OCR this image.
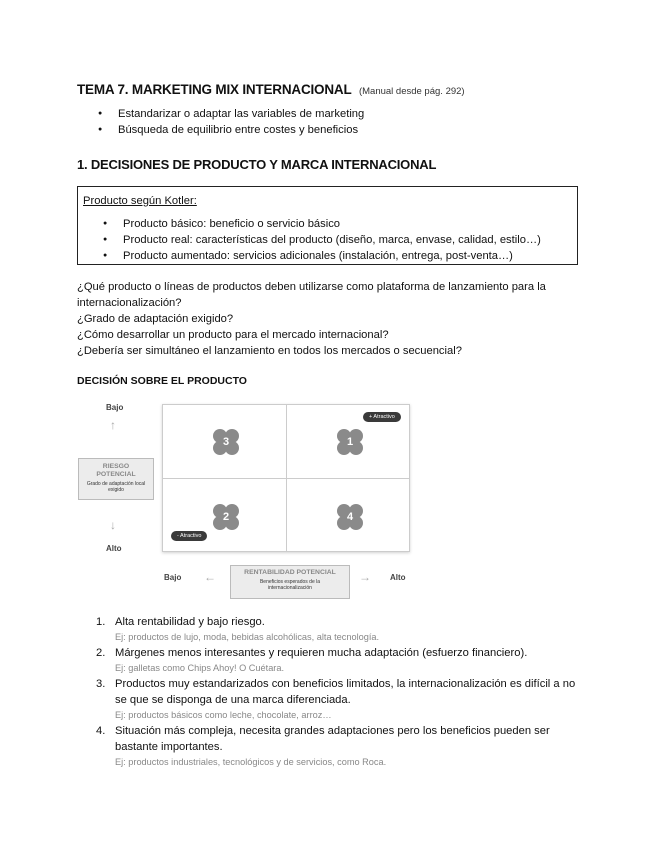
TEMA 7. MARKETING MIX INTERNACIONAL (Manual desde pág. 292)
● Estandarizar o adaptar las variables de marketing
● Búsqueda de equilibrio entre costes y beneficios
1. DECISIONES DE PRODUCTO Y MARCA INTERNACIONAL
Producto según Kotler:
● Producto básico: beneficio o servicio básico
● Producto real: características del producto (diseño, marca, envase, calidad, estilo…)
● Producto aumentado: servicios adicionales (instalación, entrega, post-venta…)

¿Qué producto o líneas de productos deben utilizarse como plataforma de lanzamiento para la internacionalización?

¿Grado de adaptación exigido?

¿Cómo desarrollar un producto para el mercado internacional?

¿Debería ser simultáneo el lanzamiento en todos los mercados o secuencial?

DECISIÓN SOBRE EL PRODUCTO
Bajo
↑
RIESGO POTENCIAL
Grado de adaptación local exigido
↓
Alto
3	1
2	4
+ Atractivo
- Atractivo
Bajo ←	RENTABILIDAD POTENCIAL
Beneficios esperados de la internacionalización
→ Alto
1. Alta rentabilidad y bajo riesgo.
Ej: productos de lujo, moda, bebidas alcohólicas, alta tecnología.
2. Márgenes menos interesantes y requieren mucha adaptación (esfuerzo financiero).
Ej: galletas como Chips Ahoy! O Cuétara.
3. Productos muy estandarizados con beneficios limitados, la internacionalización es difícil a no se que se disponga de una marca diferenciada.
Ej: productos básicos como leche, chocolate, arroz…
4. Situación más compleja, necesita grandes adaptaciones pero los beneficios pueden ser bastante importantes.
Ej: productos industriales, tecnológicos y de servicios, como Roca.
